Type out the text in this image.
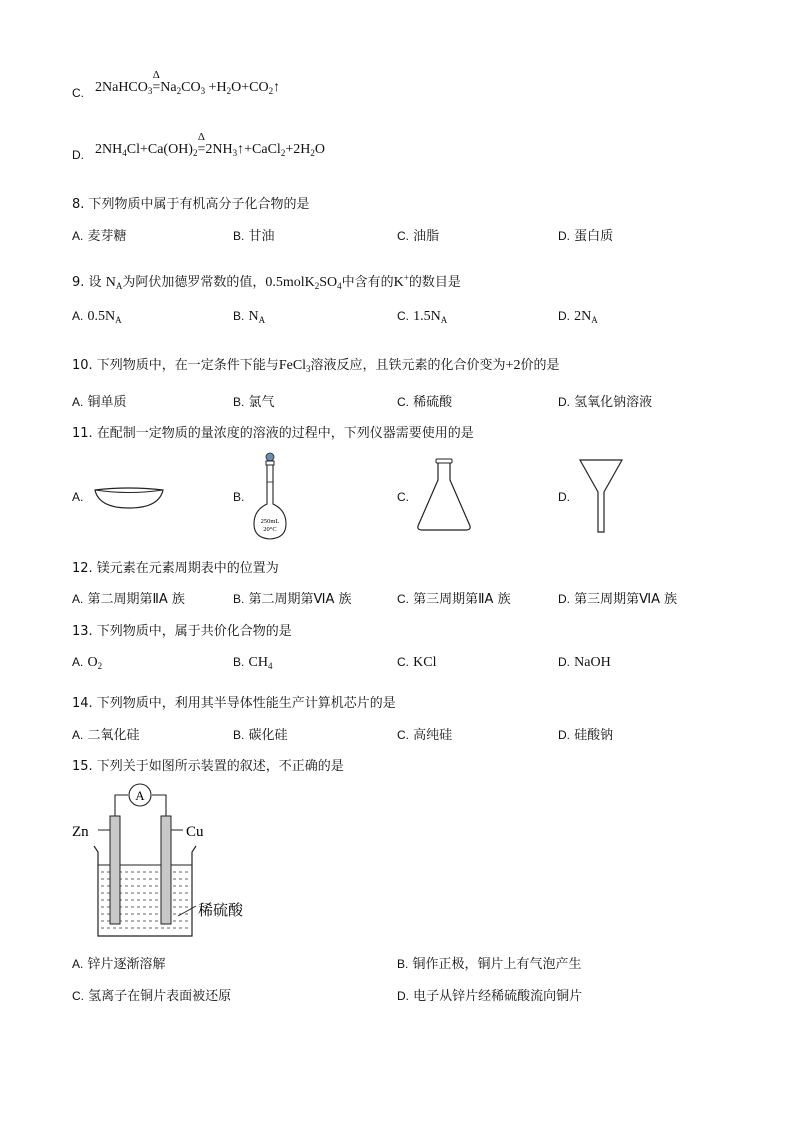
C. 2NaHCO$_3$
Δ
$=Na_2CO_3$ $+H_2O+CO_2↑$
D. $2NH_4Cl+Ca(OH)_2$
Δ
$=2NH_3↑+CaCl_2+2H_2O$
8. 下列物质中属于有机高分子化合物的是
A. 麦芽糖	B. 甘油	C. 油脂	D. 蛋白质
9. 设 $N_A$为阿伏加德罗常数的值，$0.5molK_2SO_4$中含有的K+的数目是
A. $0.5N_A$	B. $N_A$	C. $1.5N_A$	D. $2N_A$
10. 下列物质中，在一定条件下能与FeCl$_3$溶液反应，且铁元素的化合价变为+2价的是
A. 铜单质	B. 氯气	C. 稀硫酸	D. 氢氧化钠溶液
11. 在配制一定物质的量浓度的溶液的过程中，下列仪器需要使用的是
A.	B.
250mL
20°C
C.	D.
12. 镁元素在元素周期表中的位置为
A. 第二周期第ⅡA 族	B. 第二周期第ⅥA 族	C. 第三周期第ⅡA 族	D. 第三周期第ⅥA 族
13. 下列物质中，属于共价化合物的是
A. $O_2$	B. $CH_4$	C. KCl	D. NaOH
14. 下列物质中，利用其半导体性能生产计算机芯片的是
A. 二氧化硅	B. 碳化硅	C. 高纯硅	D. 硅酸钠
15. 下列关于如图所示装置的叙述，不正确的是
A
Zn	Cu
稀硫酸
A. 锌片逐渐溶解	B. 铜作正极，铜片上有气泡产生
C. 氢离子在铜片表面被还原	D. 电子从锌片经稀硫酸流向铜片
